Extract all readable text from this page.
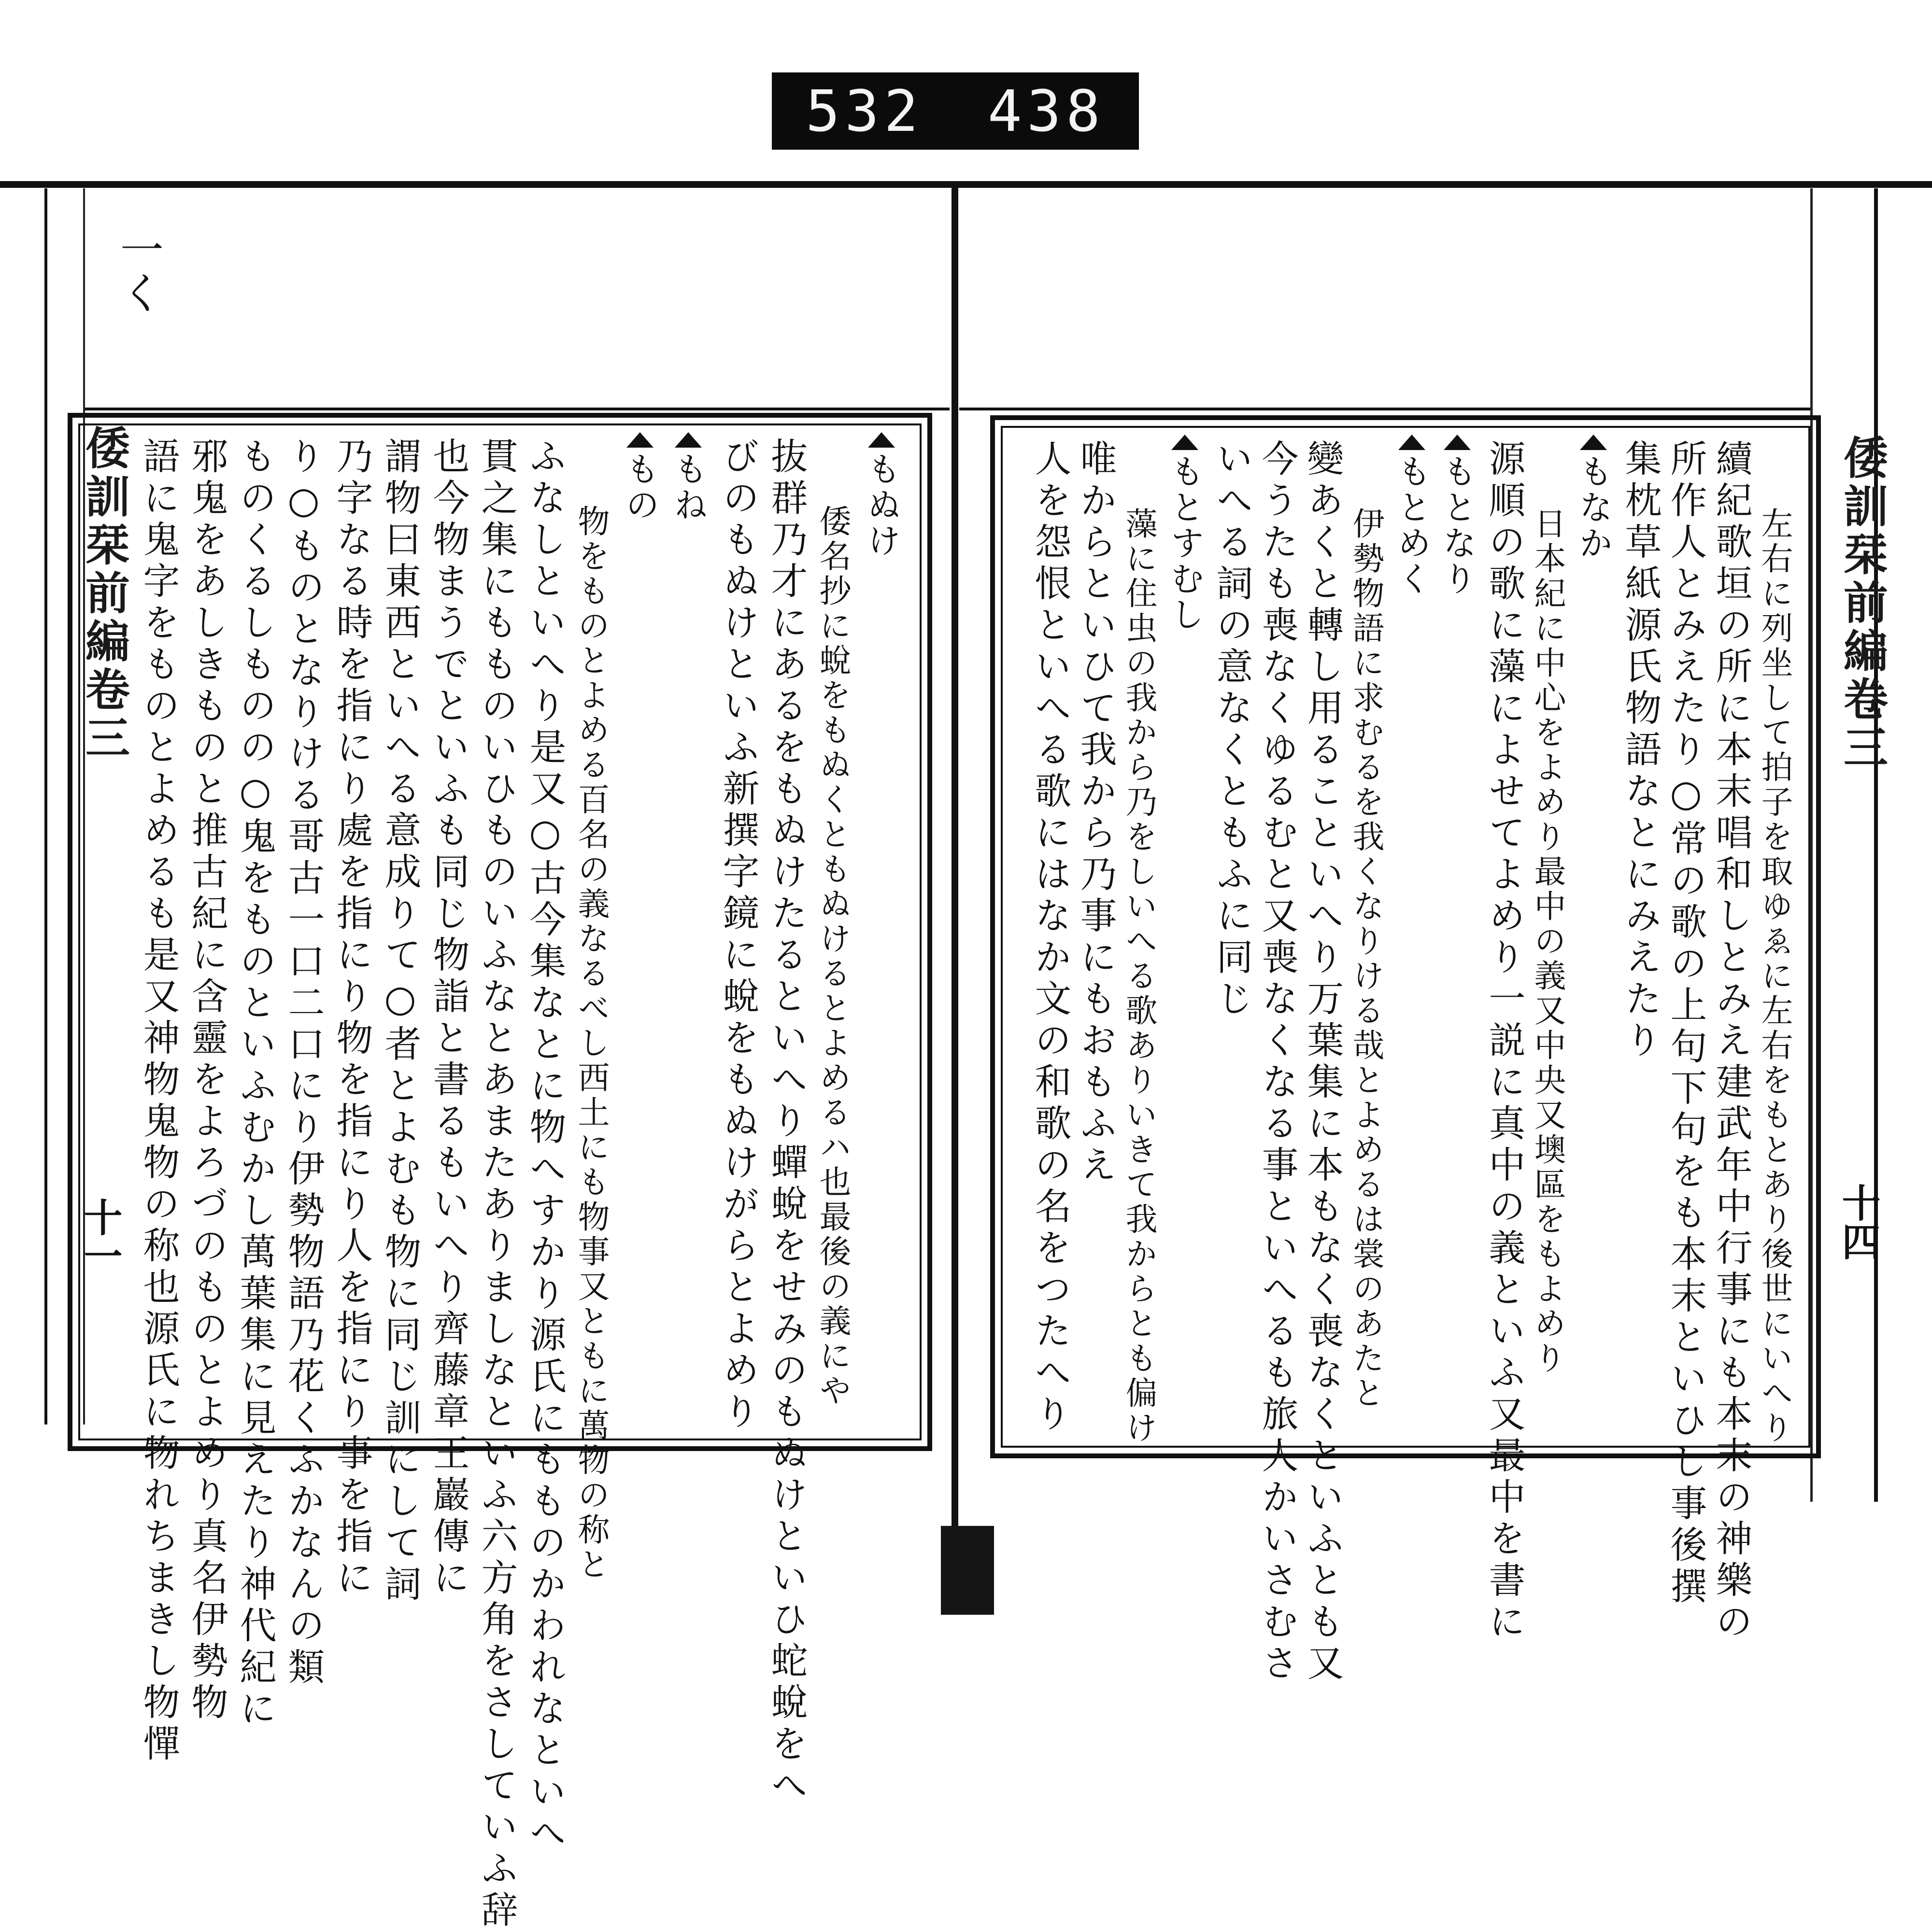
532 438
一く
倭訓栞前編卷三
十一
倭訓栞前編卷三
十四
もぬけ
倭名抄に蛻をもぬくともぬけるとよめるハ也最後の義にや
抜群乃才にあるをもぬけたるといへり蟬蛻をせみのもぬけといひ蛇蛻をへ
びのもぬけといふ新撰字鏡に蛻をもぬけがらとよめり
もね
もの
物をものとよめる百名の義なるべし西土にも物事又ともに萬物の称と
ふなしといへり是又○古今集なとに物へすかり源氏にもものかわれなといへ
貫之集にもものいひものいふなとあまたありましなといふ六方角をさしていふ辞
也今物まうでといふも同じ物詣と書るもいへり齊藤章王巖傳に
謂物曰東西といへる意成りて○者とよむも物に同じ訓にして詞
乃字なる時を指にり處を指にり物を指にり人を指にり事を指に
り○ものとなりける哥古一口二口にり伊勢物語乃花くふかなんの類
ものくるしものの○鬼をものといふむかし萬葉集に見えたり神代紀に
邪鬼をあしきものと推古紀に含靈をよろづのものとよめり真名伊勢物
語に鬼字をものとよめるも是又神物鬼物の称也源氏に物れちまきし物憚	左右に列坐して拍子を取ゆゑに左右をもとあり後世にいへり
續紀歌垣の所に本末唱和しとみえ建武年中行事にも本末の神樂の
所作人とみえたり○常の歌の上句下句をも本末といひし事後撰
集枕草紙源氏物語なとにみえたり
もなか
日本紀に中心をよめり最中の義又中央又墺區をもよめり
源順の歌に藻によせてよめり一説に真中の義といふ又最中を書に
もとなり
もとめく
伊勢物語に求むるを我くなりける哉とよめるは裳のあたと
變あくと轉し用ることいへり万葉集に本もなく喪なくといふとも又
今うたも喪なくゆるむと又喪なくなる事といへるも旅人かいさむさ
いへる詞の意なくともふに同じ
もとすむし
藻に住虫の我から乃をしいへる歌ありいきて我からとも偏け
唯からといひて我から乃事にもおもふえ
人を怨恨といへる歌にはなか文の和歌の名をつたへり
